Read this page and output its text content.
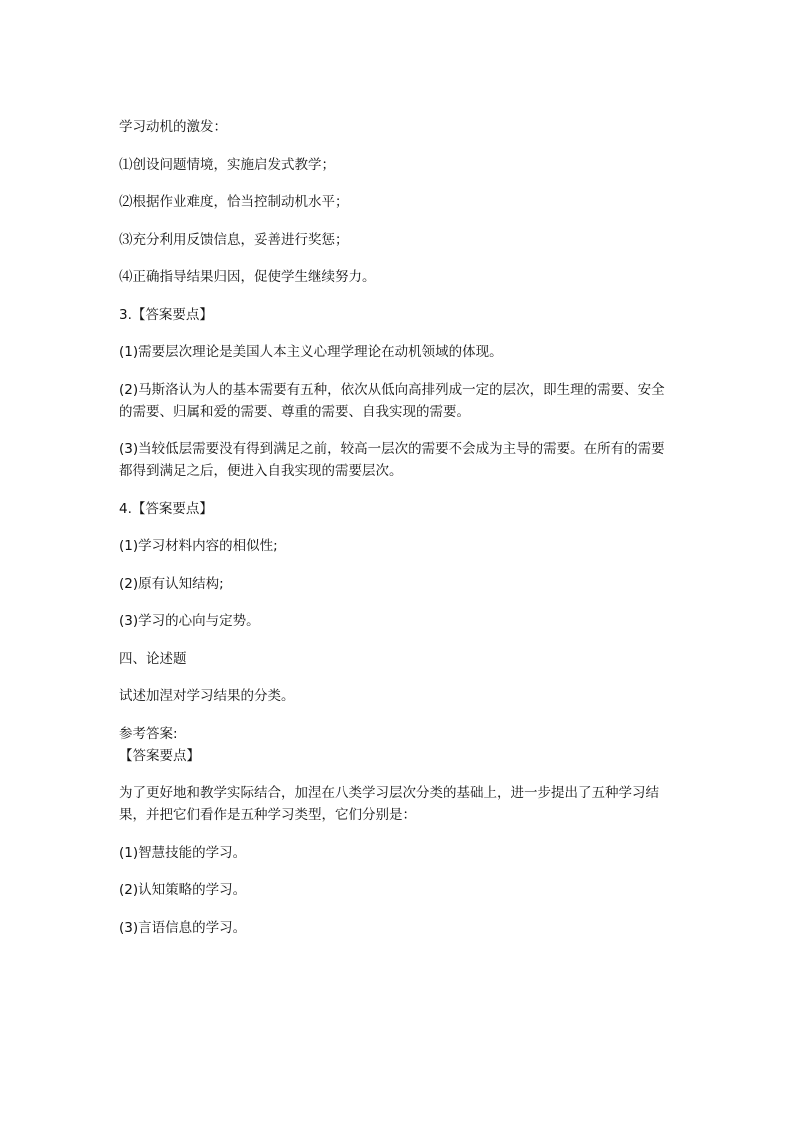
学习动机的激发：

⑴创设问题情境，实施启发式教学；

⑵根据作业难度，恰当控制动机水平；

⑶充分利用反馈信息，妥善进行奖惩；

⑷正确指导结果归因，促使学生继续努力。

3.【答案要点】

(1)需要层次理论是美国人本主义心理学理论在动机领域的体现。

(2)马斯洛认为人的基本需要有五种，依次从低向高排列成一定的层次，即生理的需要、安全的需要、归属和爱的需要、尊重的需要、自我实现的需要。

(3)当较低层需要没有得到满足之前，较高一层次的需要不会成为主导的需要。在所有的需要都得到满足之后，便进入自我实现的需要层次。

4.【答案要点】

(1)学习材料内容的相似性;

(2)原有认知结构;

(3)学习的心向与定势。

四、论述题

试述加涅对学习结果的分类。

参考答案:

【答案要点】

为了更好地和教学实际结合，加涅在八类学习层次分类的基础上，进一步提出了五种学习结果，并把它们看作是五种学习类型，它们分别是：

(1)智慧技能的学习。

(2)认知策略的学习。

(3)言语信息的学习。
